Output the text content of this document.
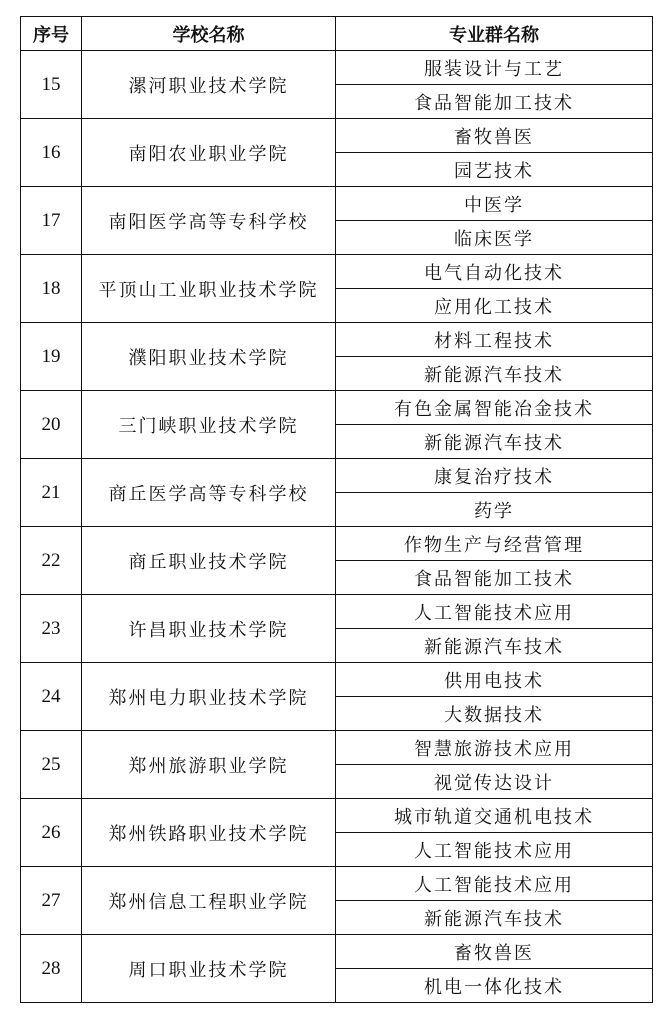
序号	学校名称	专业群名称
15	漯河职业技术学院	服装设计与工艺
		食品智能加工技术
16	南阳农业职业学院	畜牧兽医
		园艺技术
17	南阳医学高等专科学校	中医学
		临床医学
18	平顶山工业职业技术学院	电气自动化技术
		应用化工技术
19	濮阳职业技术学院	材料工程技术
		新能源汽车技术
20	三门峡职业技术学院	有色金属智能冶金技术
		新能源汽车技术
21	商丘医学高等专科学校	康复治疗技术
		药学
22	商丘职业技术学院	作物生产与经营管理
		食品智能加工技术
23	许昌职业技术学院	人工智能技术应用
		新能源汽车技术
24	郑州电力职业技术学院	供用电技术
		大数据技术
25	郑州旅游职业学院	智慧旅游技术应用
		视觉传达设计
26	郑州铁路职业技术学院	城市轨道交通机电技术
		人工智能技术应用
27	郑州信息工程职业学院	人工智能技术应用
		新能源汽车技术
28	周口职业技术学院	畜牧兽医
		机电一体化技术
